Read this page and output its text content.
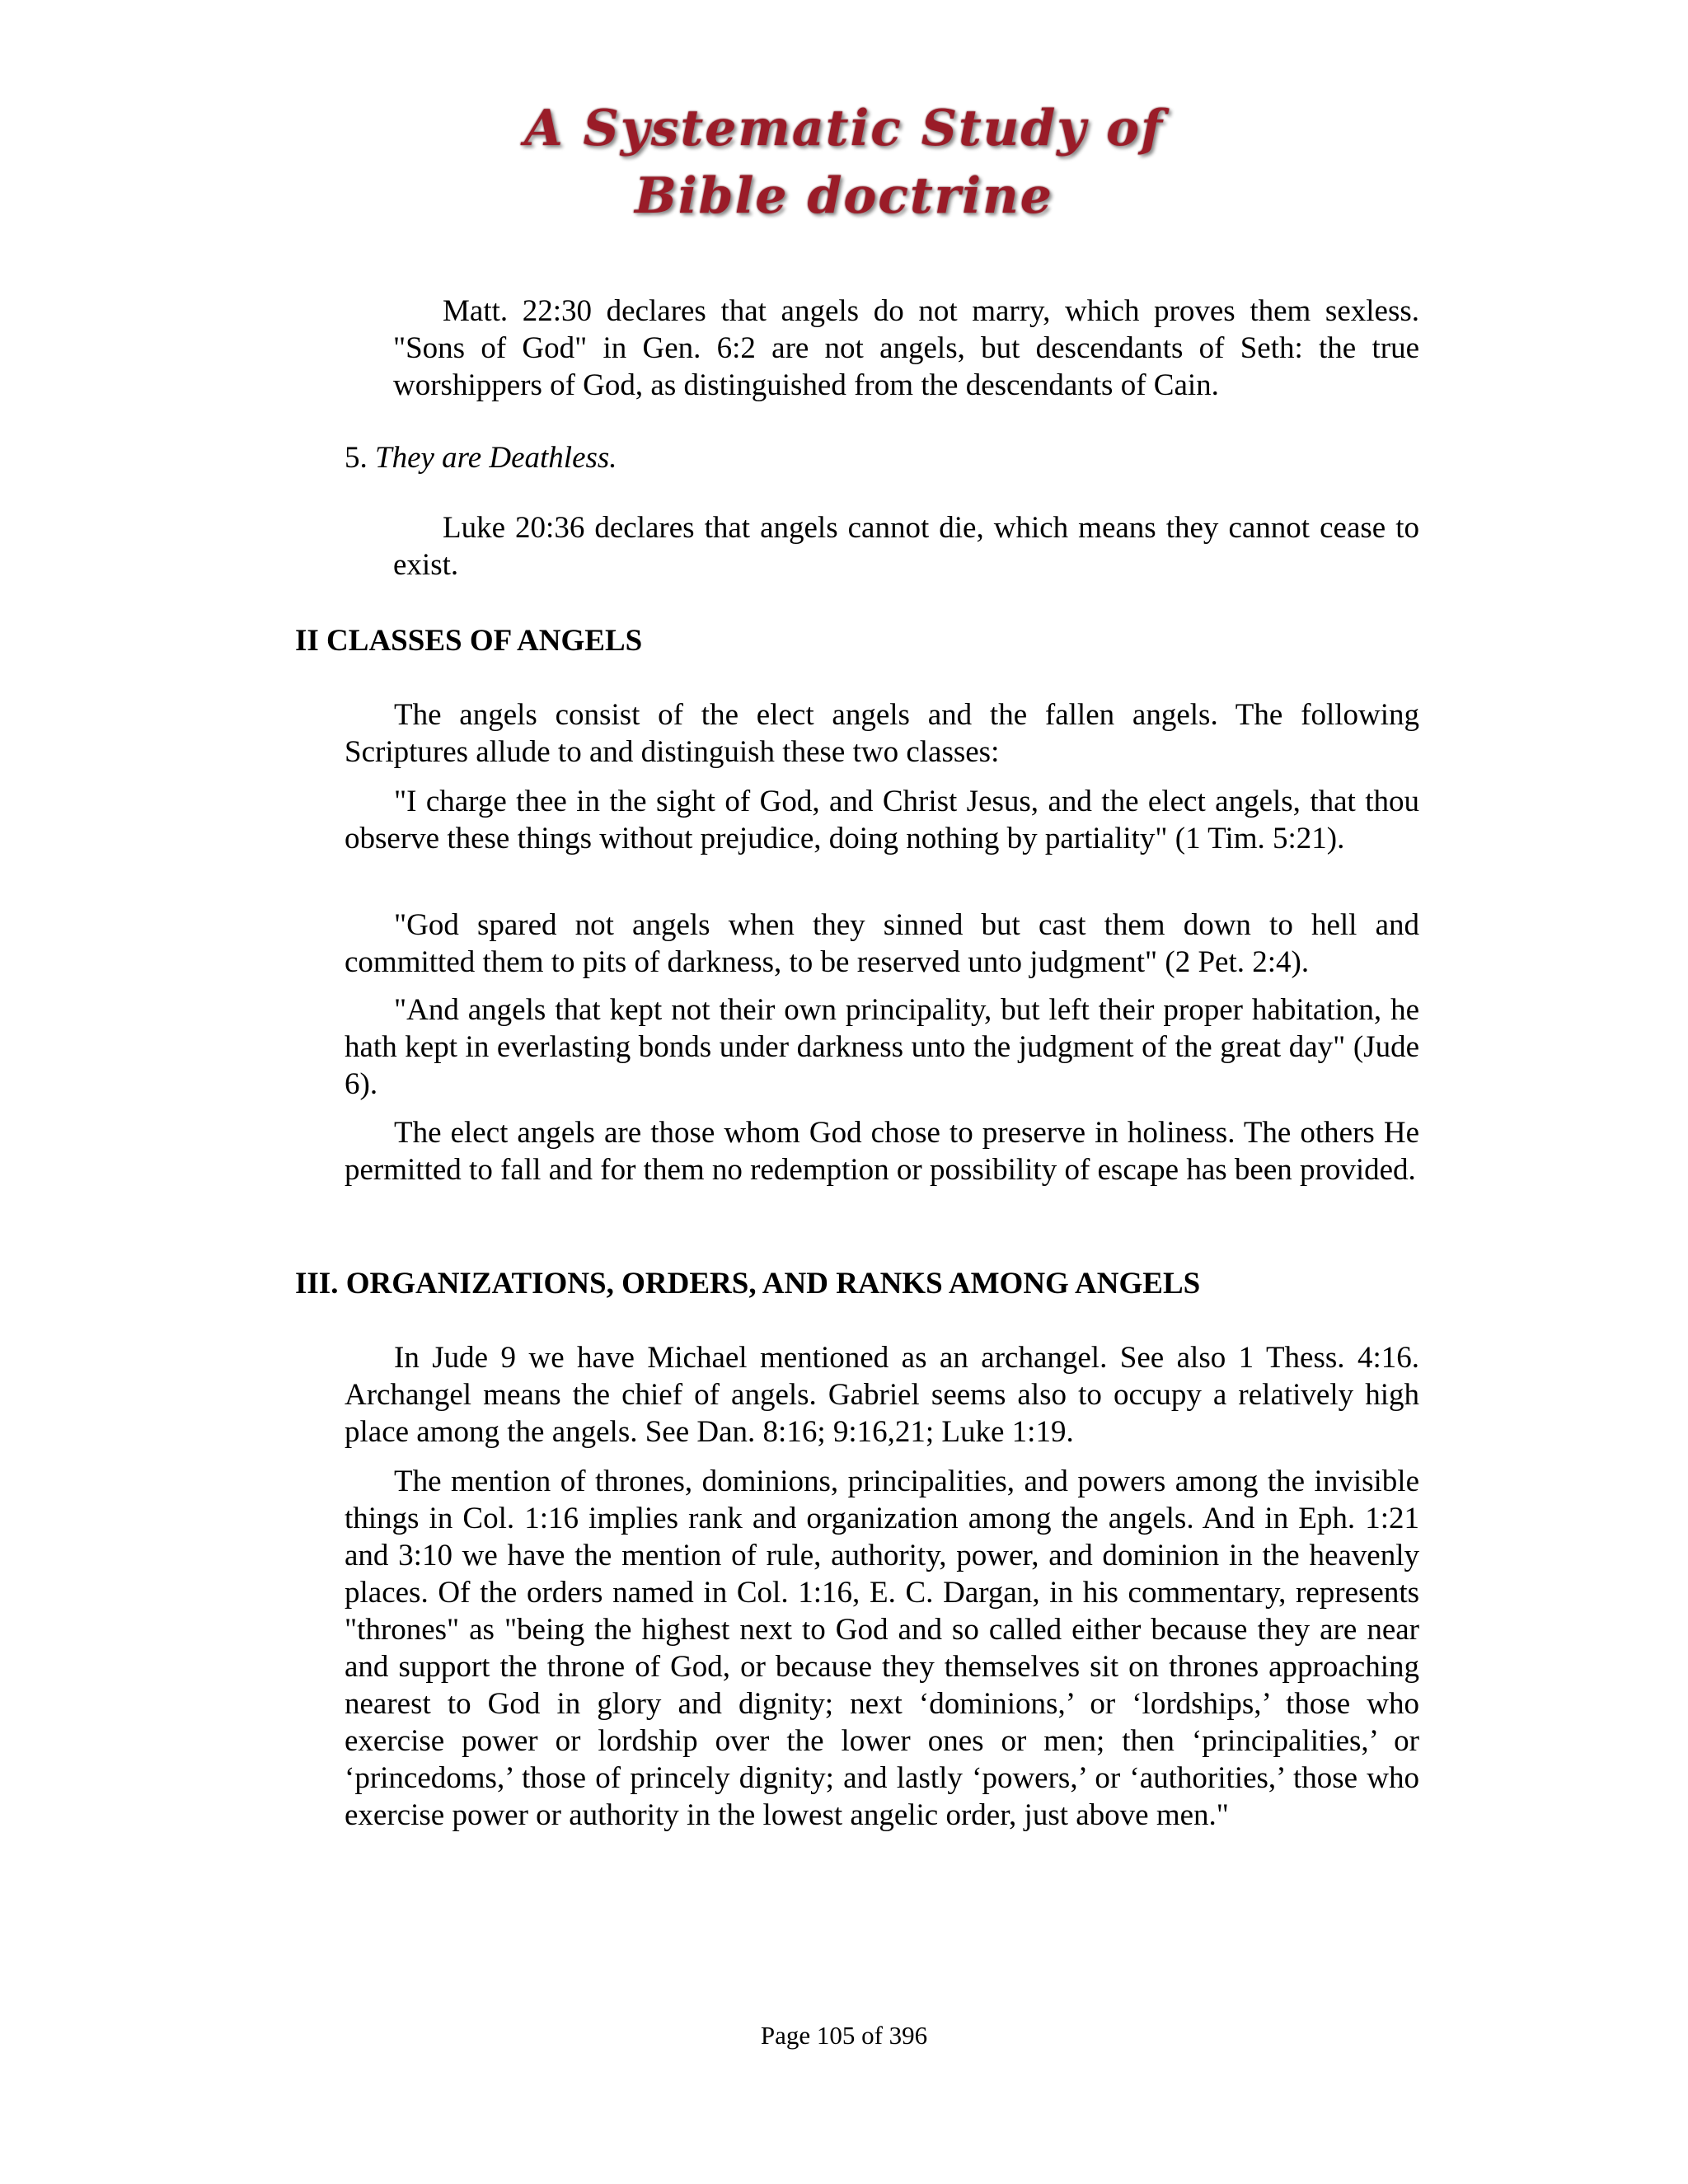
A Systematic Study of
Bible doctrine

Matt. 22:30 declares that angels do not marry, which proves them sexless. "Sons of God" in Gen. 6:2 are not angels, but descendants of Seth: the true worshippers of God, as distinguished from the descendants of Cain.

5. They are Deathless.

Luke 20:36 declares that angels cannot die, which means they cannot cease to exist.

II CLASSES OF ANGELS

The angels consist of the elect angels and the fallen angels. The following Scriptures allude to and distinguish these two classes:

"I charge thee in the sight of God, and Christ Jesus, and the elect angels, that thou observe these things without prejudice, doing nothing by partiality" (1 Tim. 5:21).

"God spared not angels when they sinned but cast them down to hell and committed them to pits of darkness, to be reserved unto judgment" (2 Pet. 2:4).

"And angels that kept not their own principality, but left their proper habitation, he hath kept in everlasting bonds under darkness unto the judgment of the great day" (Jude 6).

The elect angels are those whom God chose to preserve in holiness. The others He permitted to fall and for them no redemption or possibility of escape has been provided.

III. ORGANIZATIONS, ORDERS, AND RANKS AMONG ANGELS

In Jude 9 we have Michael mentioned as an archangel. See also 1 Thess. 4:16. Archangel means the chief of angels. Gabriel seems also to occupy a relatively high place among the angels. See Dan. 8:16; 9:16,21; Luke 1:19.

The mention of thrones, dominions, principalities, and powers among the invisible things in Col. 1:16 implies rank and organization among the angels. And in Eph. 1:21 and 3:10 we have the mention of rule, authority, power, and dominion in the heavenly places. Of the orders named in Col. 1:16, E. C. Dargan, in his commentary, represents "thrones" as "being the highest next to God and so called either because they are near and support the throne of God, or because they themselves sit on thrones approaching nearest to God in glory and dignity; next ‘dominions,’ or ‘lordships,’ those who exercise power or lordship over the lower ones or men; then ‘principalities,’ or ‘princedoms,’ those of princely dignity; and lastly ‘powers,’ or ‘authorities,’ those who exercise power or authority in the lowest angelic order, just above men."

Page 105 of 396
